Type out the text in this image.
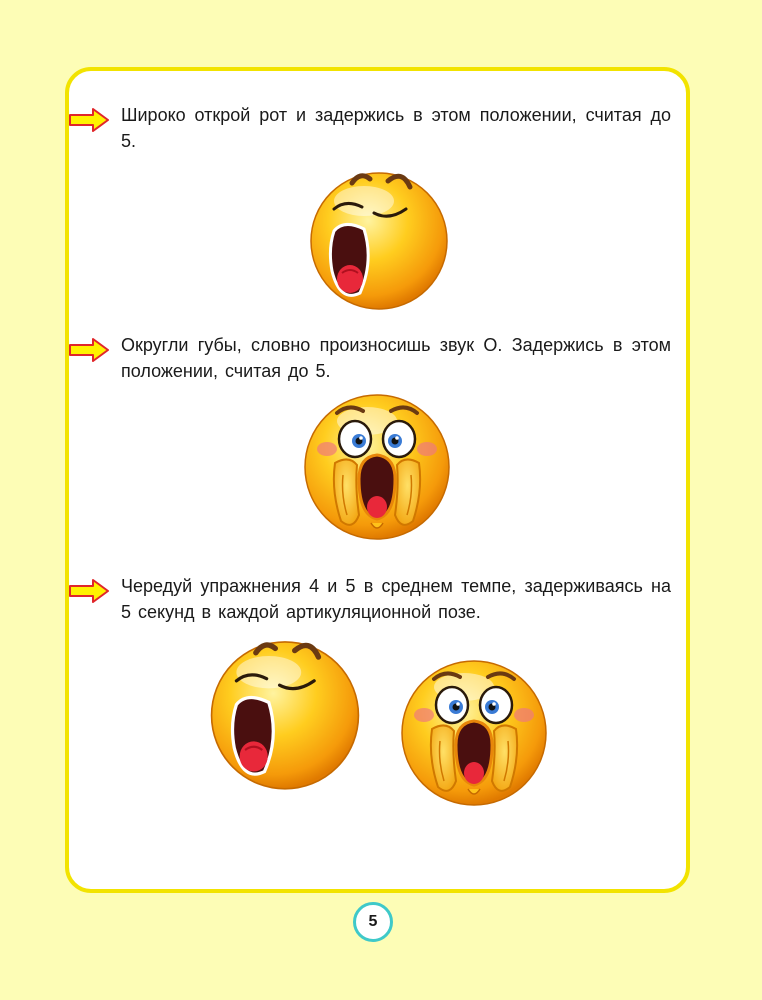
Широко открой рот и задержись в этом положении, считая до 5.
Округли губы, словно произносишь звук О. Задержись в этом положении, считая до 5.
Чередуй упражнения 4 и 5 в среднем темпе, задерживаясь на 5 секунд в каждой артикуляционной позе.
5
